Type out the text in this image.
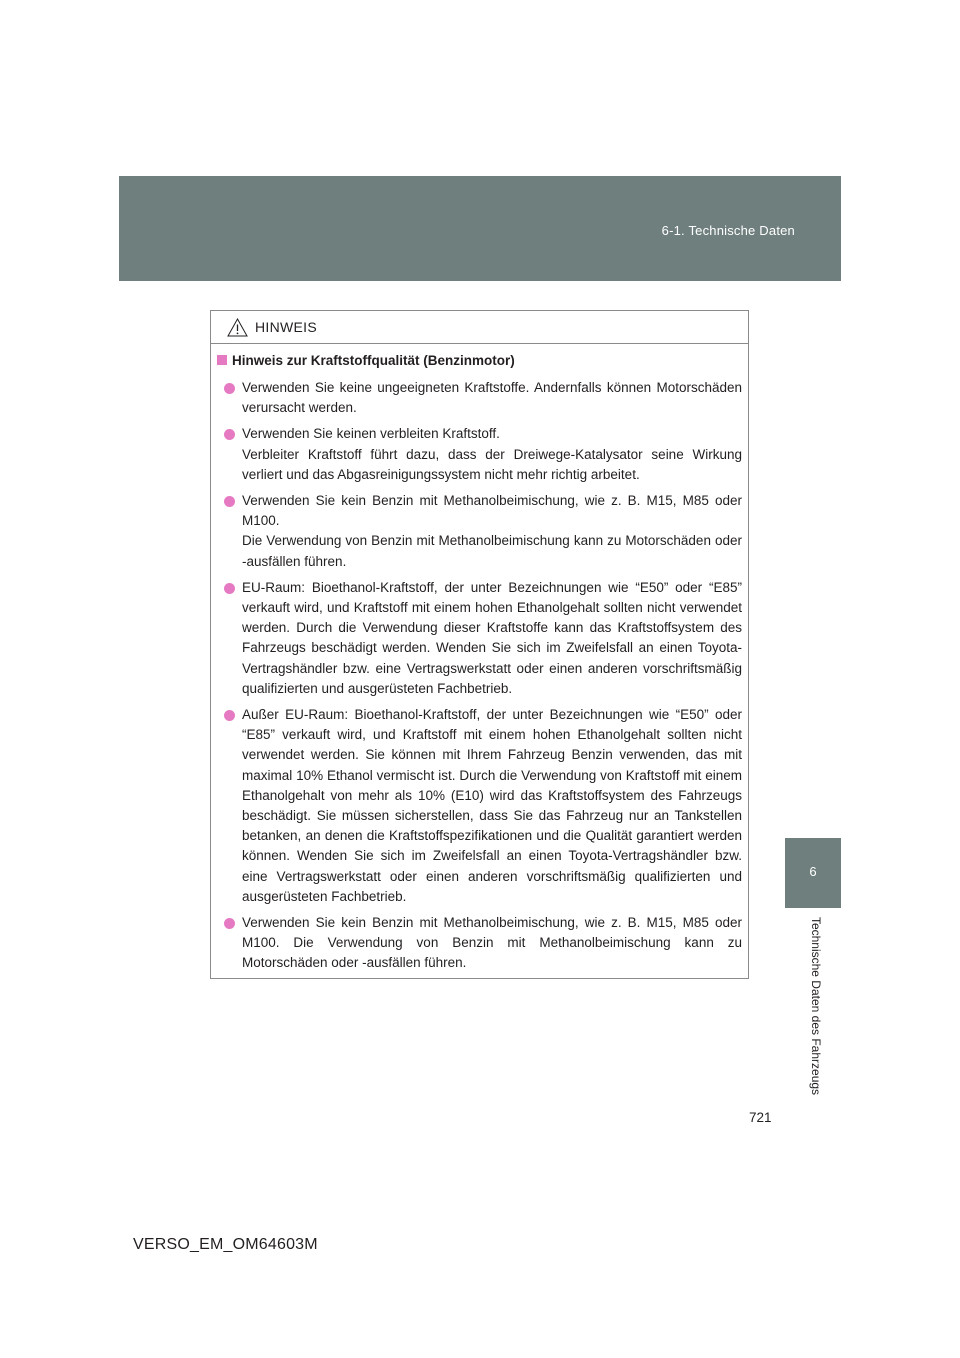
6-1. Technische Daten
6
Technische Daten des Fahrzeugs
HINWEIS
Hinweis zur Kraftstoffqualität (Benzinmotor)

Verwenden Sie keine ungeeigneten Kraftstoffe. Andernfalls können Motorschäden verursacht werden.

Verwenden Sie keinen verbleiten Kraftstoff.

Verbleiter Kraftstoff führt dazu, dass der Dreiwege-Katalysator seine Wirkung verliert und das Abgasreinigungssystem nicht mehr richtig arbeitet.

Verwenden Sie kein Benzin mit Methanolbeimischung, wie z. B. M15, M85 oder M100.

Die Verwendung von Benzin mit Methanolbeimischung kann zu Motorschäden oder -ausfällen führen.

EU-Raum: Bioethanol-Kraftstoff, der unter Bezeichnungen wie “E50” oder “E85” verkauft wird, und Kraftstoff mit einem hohen Ethanolgehalt sollten nicht verwendet werden. Durch die Verwendung dieser Kraftstoffe kann das Kraftstoffsystem des Fahrzeugs beschädigt werden. Wenden Sie sich im Zweifelsfall an einen Toyota-Vertragshändler bzw. eine Vertragswerkstatt oder einen anderen vorschriftsmäßig qualifizierten und ausgerüsteten Fachbetrieb.

Außer EU-Raum: Bioethanol-Kraftstoff, der unter Bezeichnungen wie “E50” oder “E85” verkauft wird, und Kraftstoff mit einem hohen Ethanolgehalt sollten nicht verwendet werden. Sie können mit Ihrem Fahrzeug Benzin verwenden, das mit maximal 10% Ethanol vermischt ist. Durch die Verwendung von Kraftstoff mit einem Ethanolgehalt von mehr als 10% (E10) wird das Kraftstoffsystem des Fahrzeugs beschädigt. Sie müssen sicherstellen, dass Sie das Fahrzeug nur an Tankstellen betanken, an denen die Kraftstoffspezifikationen und die Qualität garantiert werden können. Wenden Sie sich im Zweifelsfall an einen Toyota-Vertragshändler bzw. eine Vertragswerkstatt oder einen anderen vorschriftsmäßig qualifizierten und ausgerüsteten Fachbetrieb.

Verwenden Sie kein Benzin mit Methanolbeimischung, wie z. B. M15, M85 oder M100. Die Verwendung von Benzin mit Methanolbeimischung kann zu Motorschäden oder -ausfällen führen.

721
VERSO_EM_OM64603M
